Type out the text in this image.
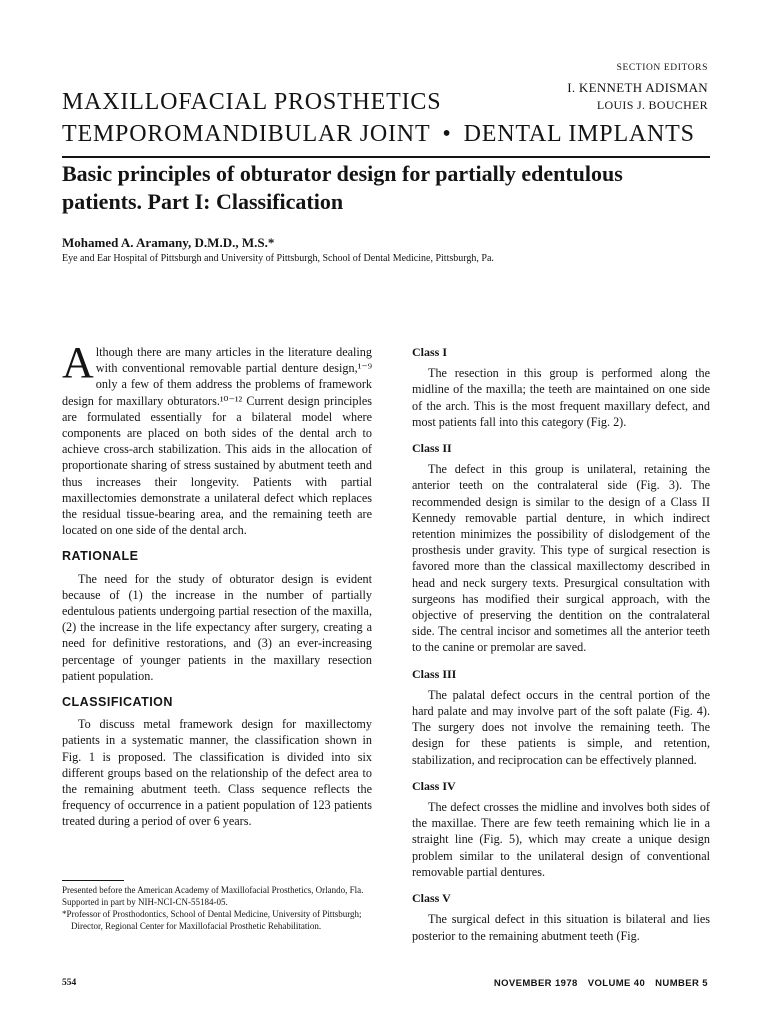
SECTION EDITORS
I. KENNETH ADISMAN
LOUIS J. BOUCHER
MAXILLOFACIAL PROSTHETICS
TEMPOROMANDIBULAR JOINT • DENTAL IMPLANTS
Basic principles of obturator design for partially edentulous patients. Part I: Classification
Mohamed A. Aramany, D.M.D., M.S.*
Eye and Ear Hospital of Pittsburgh and University of Pittsburgh, School of Dental Medicine, Pittsburgh, Pa.

Although there are many articles in the literature dealing with conventional removable partial denture design,¹⁻⁹ only a few of them address the problems of framework design for maxillary obturators.¹⁰⁻¹² Current design principles are formulated essentially for a bilateral model where components are placed on both sides of the dental arch to achieve cross-arch stabilization. This aids in the allocation of proportionate sharing of stress sustained by abutment teeth and thus increases their longevity. Patients with partial maxillectomies demonstrate a unilateral defect which replaces the residual tissue-bearing area, and the remaining teeth are located on one side of the dental arch.

RATIONALE

The need for the study of obturator design is evident because of (1) the increase in the number of partially edentulous patients undergoing partial resection of the maxilla, (2) the increase in the life expectancy after surgery, creating a need for definitive restorations, and (3) an ever-increasing percentage of younger patients in the maxillary resection patient population.

CLASSIFICATION

To discuss metal framework design for maxillectomy patients in a systematic manner, the classification shown in Fig. 1 is proposed. The classification is divided into six different groups based on the relationship of the defect area to the remaining abutment teeth. Class sequence reflects the frequency of occurrence in a patient population of 123 patients treated during a period of over 6 years.

Presented before the American Academy of Maxillofacial Prosthetics, Orlando, Fla.

Supported in part by NIH-NCI-CN-55184-05.

*Professor of Prosthodontics, School of Dental Medicine, University of Pittsburgh; Director, Regional Center for Maxillofacial Prosthetic Rehabilitation.

Class I

The resection in this group is performed along the midline of the maxilla; the teeth are maintained on one side of the arch. This is the most frequent maxillary defect, and most patients fall into this category (Fig. 2).

Class II

The defect in this group is unilateral, retaining the anterior teeth on the contralateral side (Fig. 3). The recommended design is similar to the design of a Class II Kennedy removable partial denture, in which indirect retention minimizes the possibility of dislodgement of the prosthesis under gravity. This type of surgical resection is favored more than the classical maxillectomy described in head and neck surgery texts. Presurgical consultation with surgeons has modified their surgical approach, with the objective of preserving the dentition on the contralateral side. The central incisor and sometimes all the anterior teeth to the canine or premolar are saved.

Class III

The palatal defect occurs in the central portion of the hard palate and may involve part of the soft palate (Fig. 4). The surgery does not involve the remaining teeth. The design for these patients is simple, and retention, stabilization, and reciprocation can be effectively planned.

Class IV

The defect crosses the midline and involves both sides of the maxillae. There are few teeth remaining which lie in a straight line (Fig. 5), which may create a unique design problem similar to the unilateral design of conventional removable partial dentures.

Class V

The surgical defect in this situation is bilateral and lies posterior to the remaining abutment teeth (Fig.

554	NOVEMBER 1978 VOLUME 40 NUMBER 5
